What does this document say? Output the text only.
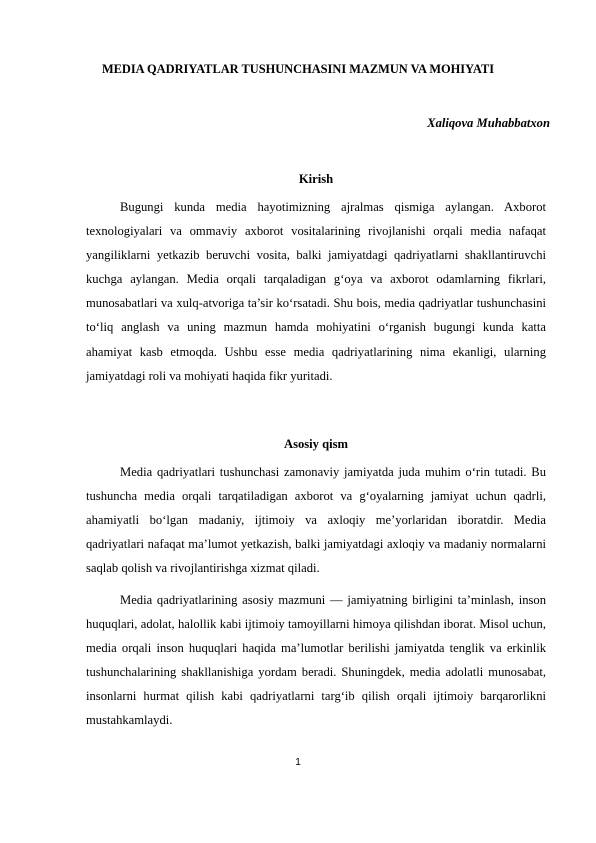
MEDIA QADRIYATLAR TUSHUNCHASINI MAZMUN VA MOHIYATI
Xaliqova Muhabbatxon
Kirish

Bugungi kunda media hayotimizning ajralmas qismiga aylangan. Axborot texnologiyalari va ommaviy axborot vositalarining rivojlanishi orqali media nafaqat yangiliklarni yetkazib beruvchi vosita, balki jamiyatdagi qadriyatlarni shakllantiruvchi kuchga aylangan. Media orqali tarqaladigan g‘oya va axborot odamlarning fikrlari, munosabatlari va xulq-atvoriga ta’sir ko‘rsatadi. Shu bois, media qadriyatlar tushunchasini to‘liq anglash va uning mazmun hamda mohiyatini o‘rganish bugungi kunda katta ahamiyat kasb etmoqda. Ushbu esse media qadriyatlarining nima ekanligi, ularning jamiyatdagi roli va mohiyati haqida fikr yuritadi.

Asosiy qism

Media qadriyatlari tushunchasi zamonaviy jamiyatda juda muhim o‘rin tutadi. Bu tushuncha media orqali tarqatiladigan axborot va g‘oyalarning jamiyat uchun qadrli, ahamiyatli bo‘lgan madaniy, ijtimoiy va axloqiy me’yorlaridan iboratdir. Media qadriyatlari nafaqat ma’lumot yetkazish, balki jamiyatdagi axloqiy va madaniy normalarni saqlab qolish va rivojlantirishga xizmat qiladi.

Media qadriyatlarining asosiy mazmuni — jamiyatning birligini ta’minlash, inson huquqlari, adolat, halollik kabi ijtimoiy tamoyillarni himoya qilishdan iborat. Misol uchun, media orqali inson huquqlari haqida ma’lumotlar berilishi jamiyatda tenglik va erkinlik tushunchalarining shakllanishiga yordam beradi. Shuningdek, media adolatli munosabat, insonlarni hurmat qilish kabi qadriyatlarni targ‘ib qilish orqali ijtimoiy barqarorlikni mustahkamlaydi.

1
